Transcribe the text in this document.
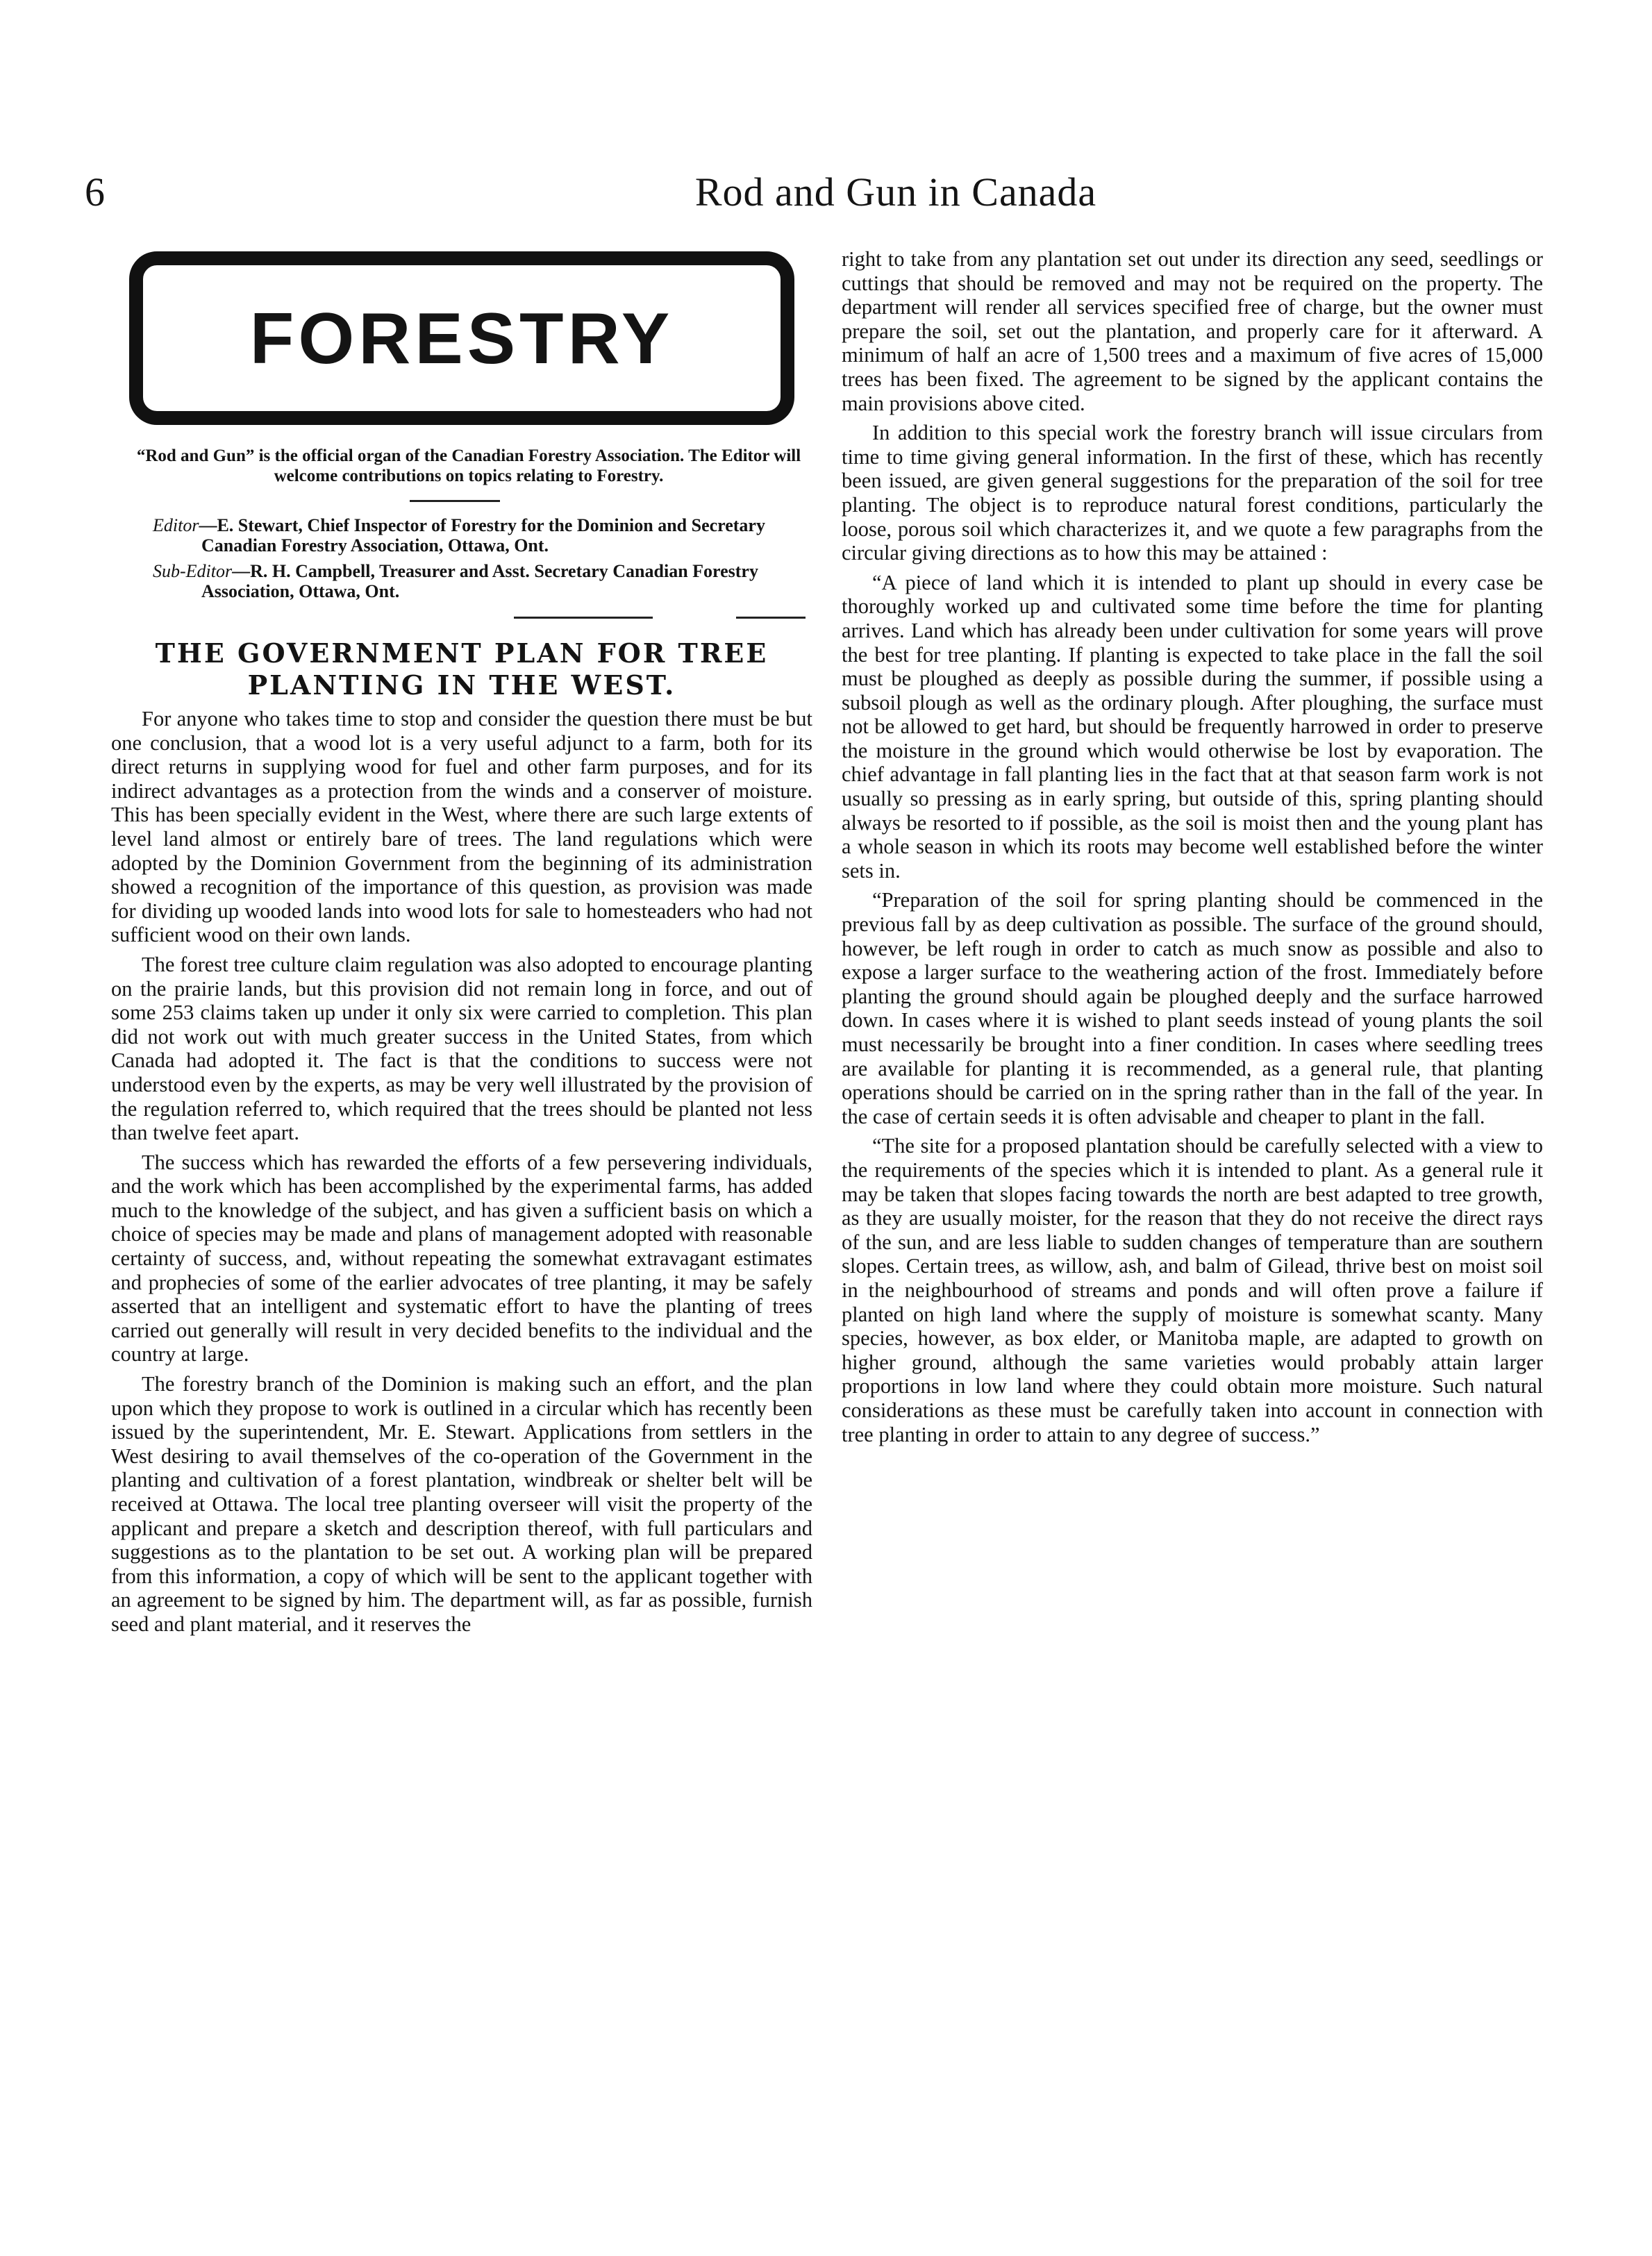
6	Rod and Gun in Canada
FORESTRY
“Rod and Gun” is the official organ of the Canadian Forestry Association. The Editor will welcome contributions on topics relating to Forestry.
Editor—E. Stewart, Chief Inspector of Forestry for the Dominion and Secretary Canadian Forestry Association, Ottawa, Ont.
Sub-Editor—R. H. Campbell, Treasurer and Asst. Secretary Canadian Forestry Association, Ottawa, Ont.
THE GOVERNMENT PLAN FOR TREE PLANTING IN THE WEST.

For anyone who takes time to stop and consider the question there must be but one conclusion, that a wood lot is a very useful adjunct to a farm, both for its direct returns in supplying wood for fuel and other farm purposes, and for its indirect advantages as a protection from the winds and a conserver of moisture. This has been specially evident in the West, where there are such large extents of level land almost or entirely bare of trees. The land regulations which were adopted by the Dominion Government from the beginning of its administration showed a recognition of the importance of this question, as provision was made for dividing up wooded lands into wood lots for sale to homesteaders who had not sufficient wood on their own lands.

The forest tree culture claim regulation was also adopted to encourage planting on the prairie lands, but this provision did not remain long in force, and out of some 253 claims taken up under it only six were carried to completion. This plan did not work out with much greater success in the United States, from which Canada had adopted it. The fact is that the conditions to success were not understood even by the experts, as may be very well illustrated by the provision of the regulation referred to, which required that the trees should be planted not less than twelve feet apart.

The success which has rewarded the efforts of a few persevering individuals, and the work which has been accomplished by the experimental farms, has added much to the knowledge of the subject, and has given a sufficient basis on which a choice of species may be made and plans of management adopted with reasonable certainty of success, and, without repeating the somewhat extravagant estimates and prophecies of some of the earlier advocates of tree planting, it may be safely asserted that an intelligent and systematic effort to have the planting of trees carried out generally will result in very decided benefits to the individual and the country at large.

The forestry branch of the Dominion is making such an effort, and the plan upon which they propose to work is outlined in a circular which has recently been issued by the superintendent, Mr. E. Stewart. Applications from settlers in the West desiring to avail themselves of the co-operation of the Government in the planting and cultivation of a forest plantation, windbreak or shelter belt will be received at Ottawa. The local tree planting overseer will visit the property of the applicant and prepare a sketch and description thereof, with full particulars and suggestions as to the plantation to be set out. A working plan will be prepared from this information, a copy of which will be sent to the applicant together with an agreement to be signed by him. The department will, as far as possible, furnish seed and plant material, and it reserves the

right to take from any plantation set out under its direction any seed, seedlings or cuttings that should be removed and may not be required on the property. The department will render all services specified free of charge, but the owner must prepare the soil, set out the plantation, and properly care for it afterward. A minimum of half an acre of 1,500 trees and a maximum of five acres of 15,000 trees has been fixed. The agreement to be signed by the applicant contains the main provisions above cited.

In addition to this special work the forestry branch will issue circulars from time to time giving general information. In the first of these, which has recently been issued, are given general suggestions for the preparation of the soil for tree planting. The object is to reproduce natural forest conditions, particularly the loose, porous soil which characterizes it, and we quote a few paragraphs from the circular giving directions as to how this may be attained :

“A piece of land which it is intended to plant up should in every case be thoroughly worked up and cultivated some time before the time for planting arrives. Land which has already been under cultivation for some years will prove the best for tree planting. If planting is expected to take place in the fall the soil must be ploughed as deeply as possible during the summer, if possible using a subsoil plough as well as the ordinary plough. After ploughing, the surface must not be allowed to get hard, but should be frequently harrowed in order to preserve the moisture in the ground which would otherwise be lost by evaporation. The chief advantage in fall planting lies in the fact that at that season farm work is not usually so pressing as in early spring, but outside of this, spring planting should always be resorted to if possible, as the soil is moist then and the young plant has a whole season in which its roots may become well established before the winter sets in.

“Preparation of the soil for spring planting should be commenced in the previous fall by as deep cultivation as possible. The surface of the ground should, however, be left rough in order to catch as much snow as possible and also to expose a larger surface to the weathering action of the frost. Immediately before planting the ground should again be ploughed deeply and the surface harrowed down. In cases where it is wished to plant seeds instead of young plants the soil must necessarily be brought into a finer condition. In cases where seedling trees are available for planting it is recommended, as a general rule, that planting operations should be carried on in the spring rather than in the fall of the year. In the case of certain seeds it is often advisable and cheaper to plant in the fall.

“The site for a proposed plantation should be carefully selected with a view to the requirements of the species which it is intended to plant. As a general rule it may be taken that slopes facing towards the north are best adapted to tree growth, as they are usually moister, for the reason that they do not receive the direct rays of the sun, and are less liable to sudden changes of temperature than are southern slopes. Certain trees, as willow, ash, and balm of Gilead, thrive best on moist soil in the neighbourhood of streams and ponds and will often prove a failure if planted on high land where the supply of moisture is somewhat scanty. Many species, however, as box elder, or Manitoba maple, are adapted to growth on higher ground, although the same varieties would probably attain larger proportions in low land where they could obtain more moisture. Such natural considerations as these must be carefully taken into account in connection with tree planting in order to attain to any degree of success.”
